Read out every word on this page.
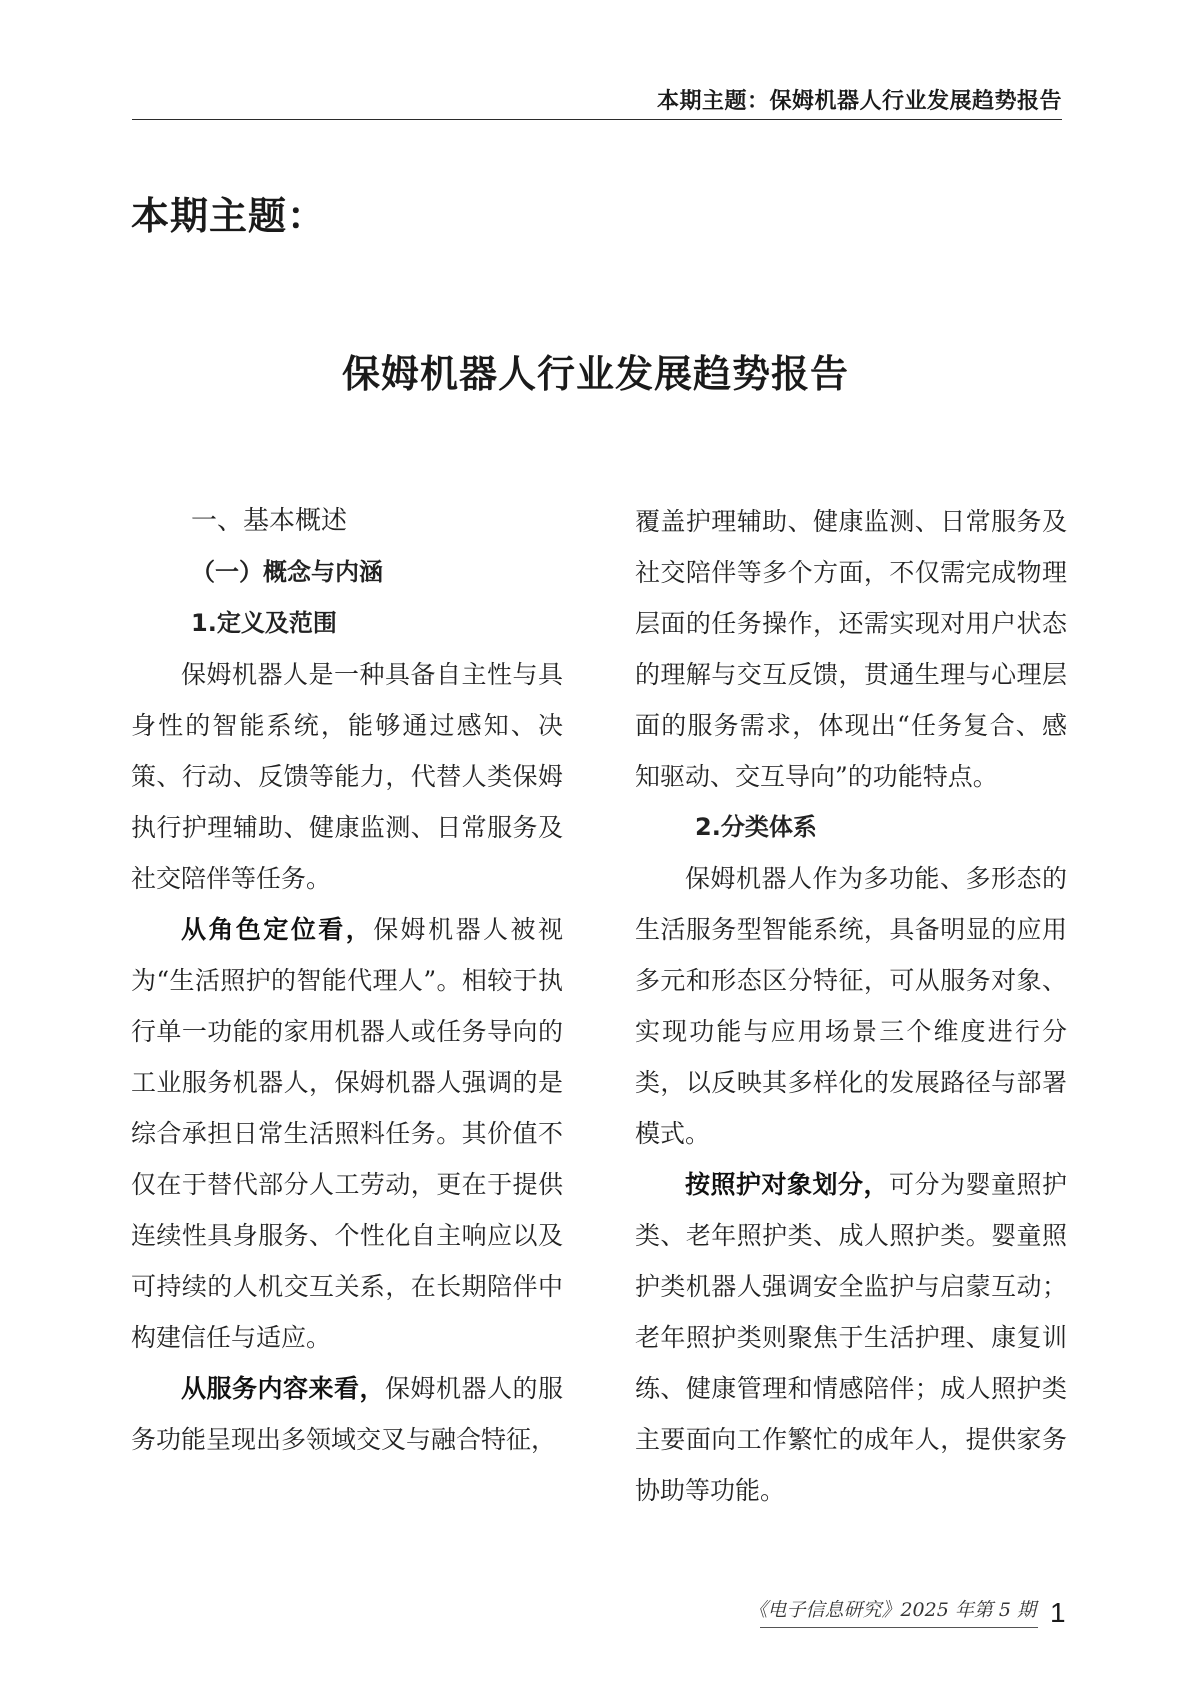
本期主题：保姆机器人行业发展趋势报告
本期主题：
保姆机器人行业发展趋势报告
一、基本概述
（一）概念与内涵
1.定义及范围

保姆机器人是一种具备自主性与具身性的智能系统，能够通过感知、决策、行动、反馈等能力，代替人类保姆执行护理辅助、健康监测、日常服务及社交陪伴等任务。

从角色定位看，保姆机器人被视为“生活照护的智能代理人”。相较于执行单一功能的家用机器人或任务导向的工业服务机器人，保姆机器人强调的是综合承担日常生活照料任务。其价值不仅在于替代部分人工劳动，更在于提供连续性具身服务、个性化自主响应以及可持续的人机交互关系，在长期陪伴中构建信任与适应。

从服务内容来看，保姆机器人的服务功能呈现出多领域交叉与融合特征，

覆盖护理辅助、健康监测、日常服务及社交陪伴等多个方面，不仅需完成物理层面的任务操作，还需实现对用户状态的理解与交互反馈，贯通生理与心理层面的服务需求，体现出“任务复合、感知驱动、交互导向”的功能特点。

2.分类体系

保姆机器人作为多功能、多形态的生活服务型智能系统，具备明显的应用多元和形态区分特征，可从服务对象、实现功能与应用场景三个维度进行分类，以反映其多样化的发展路径与部署模式。

按照护对象划分，可分为婴童照护类、老年照护类、成人照护类。婴童照护类机器人强调安全监护与启蒙互动；老年照护类则聚焦于生活护理、康复训练、健康管理和情感陪伴；成人照护类主要面向工作繁忙的成年人，提供家务协助等功能。

《电子信息研究》2025 年第 5 期 1
